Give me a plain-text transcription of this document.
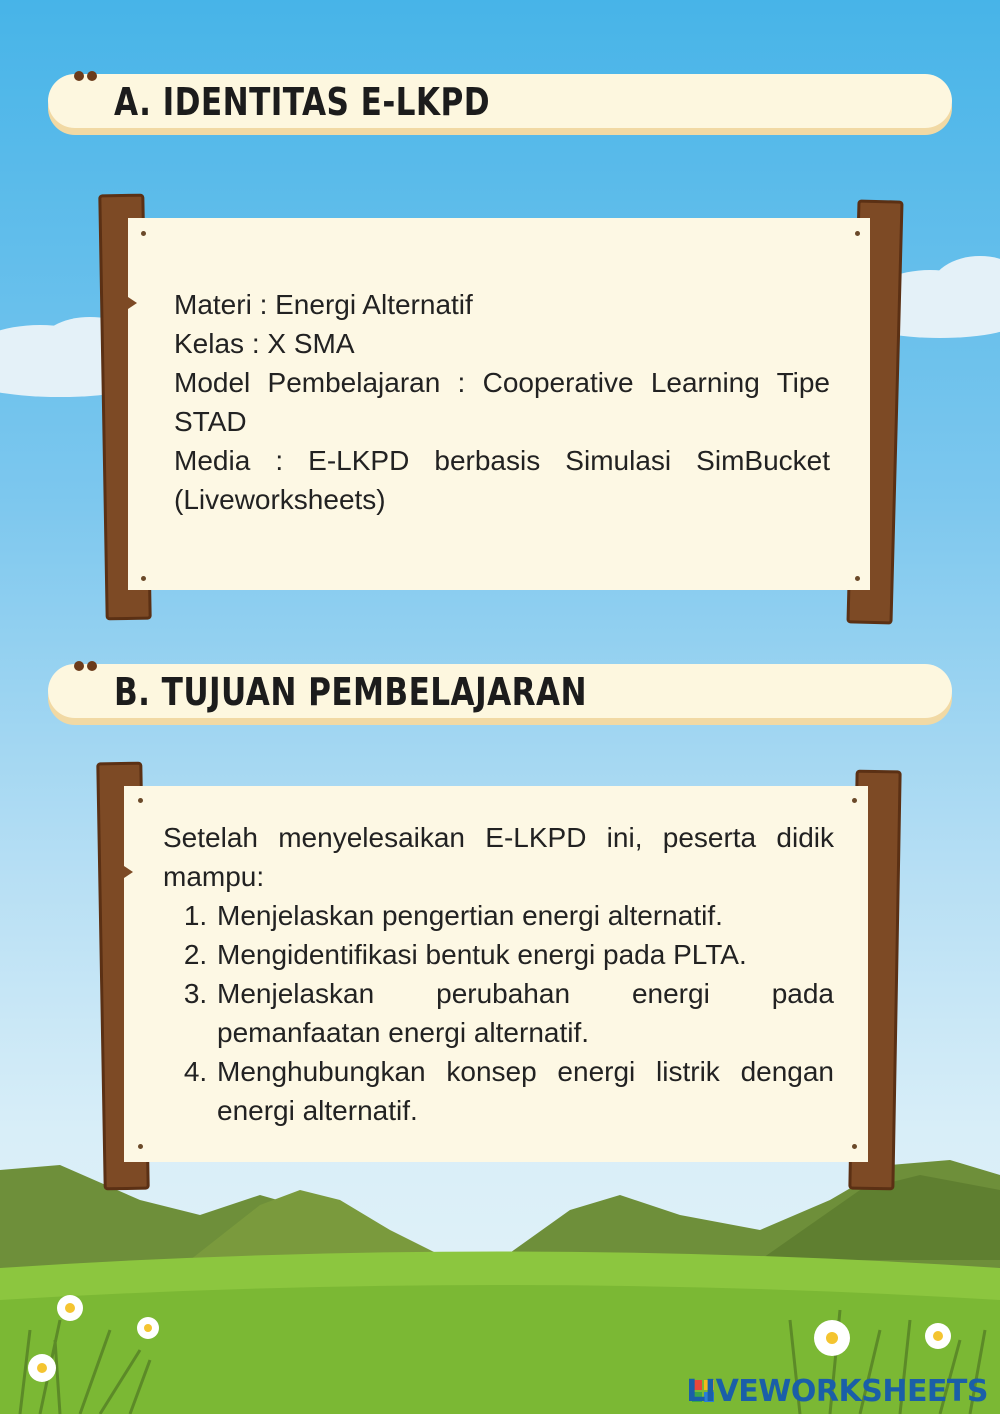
A. IDENTITAS E-LKPD

Materi : Energi Alternatif

Kelas : X SMA

Model Pembelajaran : Cooperative Learning Tipe STAD

Media : E-LKPD berbasis Simulasi SimBucket (Liveworksheets)

B. TUJUAN PEMBELAJARAN

Setelah menyelesaikan E-LKPD ini, peserta didik mampu:

1. Menjelaskan pengertian energi alternatif.
2. Mengidentifikasi bentuk energi pada PLTA.
3. Menjelaskan perubahan energi pada pemanfaatan energi alternatif.
4. Menghubungkan konsep energi listrik dengan energi alternatif.
LIVEWORKSHEETS
